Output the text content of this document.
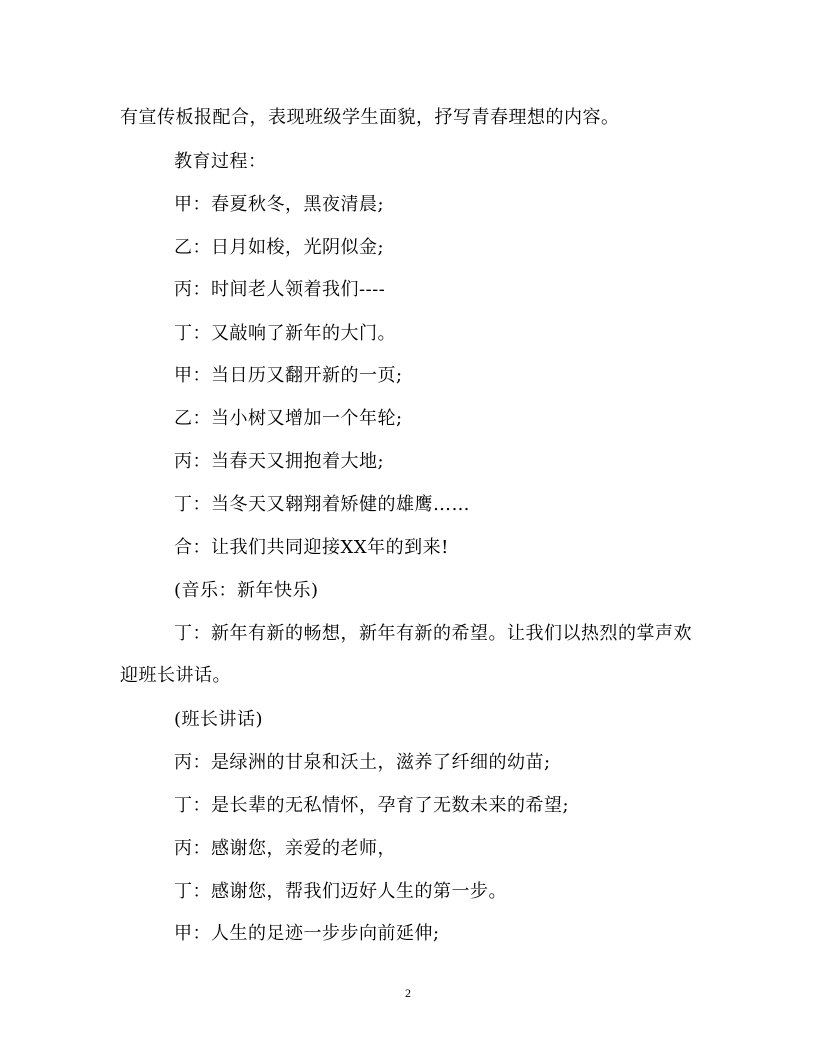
有宣传板报配合，表现班级学生面貌，抒写青春理想的内容。
教育过程：
甲：春夏秋冬，黑夜清晨;
乙：日月如梭，光阴似金;
丙：时间老人领着我们----
丁：又敲响了新年的大门。
甲：当日历又翻开新的一页;
乙：当小树又增加一个年轮;
丙：当春天又拥抱着大地;
丁：当冬天又翱翔着矫健的雄鹰……
合：让我们共同迎接XX年的到来!
(音乐：新年快乐)
丁：新年有新的畅想，新年有新的希望。让我们以热烈的掌声欢
迎班长讲话。
(班长讲话)
丙：是绿洲的甘泉和沃土，滋养了纤细的幼苗;
丁：是长辈的无私情怀，孕育了无数未来的希望;
丙：感谢您，亲爱的老师，
丁：感谢您，帮我们迈好人生的第一步。
甲：人生的足迹一步步向前延伸;
2
